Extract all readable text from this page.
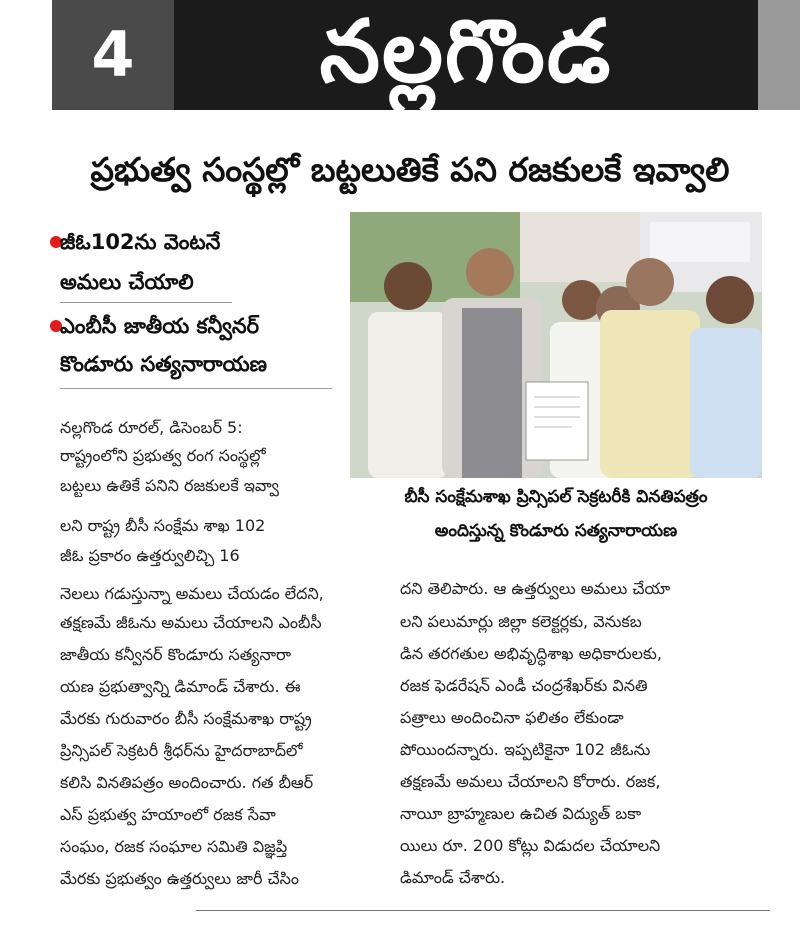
4	నల్లగొండ
ప్రభుత్వ సంస్థల్లో బట్టలుతికే పని రజకులకే ఇవ్వాలి
జీఓ102ను వెంటనే
అమలు చేయాలి
ఎంబీసీ జాతీయ కన్వీనర్
కొండూరు సత్యనారాయణ
బీసీ సంక్షేమశాఖ ప్రిన్సిపల్ సెక్రటరీకి వినతిపత్రం
అందిస్తున్న కొండూరు సత్యనారాయణ
నల్లగొండ రూరల్, డిసెంబర్ 5:
రాష్ట్రంలోని ప్రభుత్వ రంగ సంస్థల్లో
బట్టలు ఉతికే పనిని రజకులకే ఇవ్వా
లని రాష్ట్ర బీసీ సంక్షేమ శాఖ 102
జీఓ ప్రకారం ఉత్తర్వులిచ్చి 16
నెలలు గడుస్తున్నా అమలు చేయడం లేదని,
తక్షణమే జీఓను అమలు చేయాలని ఎంబీసీ
జాతీయ కన్వీనర్ కొండూరు సత్యనారా
యణ ప్రభుత్వాన్ని డిమాండ్ చేశారు. ఈ
మేరకు గురువారం బీసీ సంక్షేమశాఖ రాష్ట్ర
ప్రిన్సిపల్ సెక్రటరీ శ్రీధర్‌ను హైదరాబాద్‌లో
కలిసి వినతిపత్రం అందించారు. గత బీఆర్
ఎస్ ప్రభుత్వ హయాంలో రజక సేవా
సంఘం, రజక సంఘాల సమితి విజ్ఞప్తి
మేరకు ప్రభుత్వం ఉత్తర్వులు జారీ చేసిం
దని తెలిపారు. ఆ ఉత్తర్వులు అమలు చేయా
లని పలుమార్లు జిల్లా కలెక్టర్లకు, వెనుకబ
డిన తరగతుల అభివృద్ధిశాఖ అధికారులకు,
రజక ఫెడరేషన్ ఎండీ చంద్రశేఖర్‌కు వినతి
పత్రాలు అందించినా ఫలితం లేకుండా
పోయిందన్నారు. ఇప్పటికైనా 102 జీఓను
తక్షణమే అమలు చేయాలని కోరారు. రజక,
నాయీ బ్రాహ్మణుల ఉచిత విద్యుత్ బకా
యిలు రూ. 200 కోట్లు విడుదల చేయాలని
డిమాండ్ చేశారు.
